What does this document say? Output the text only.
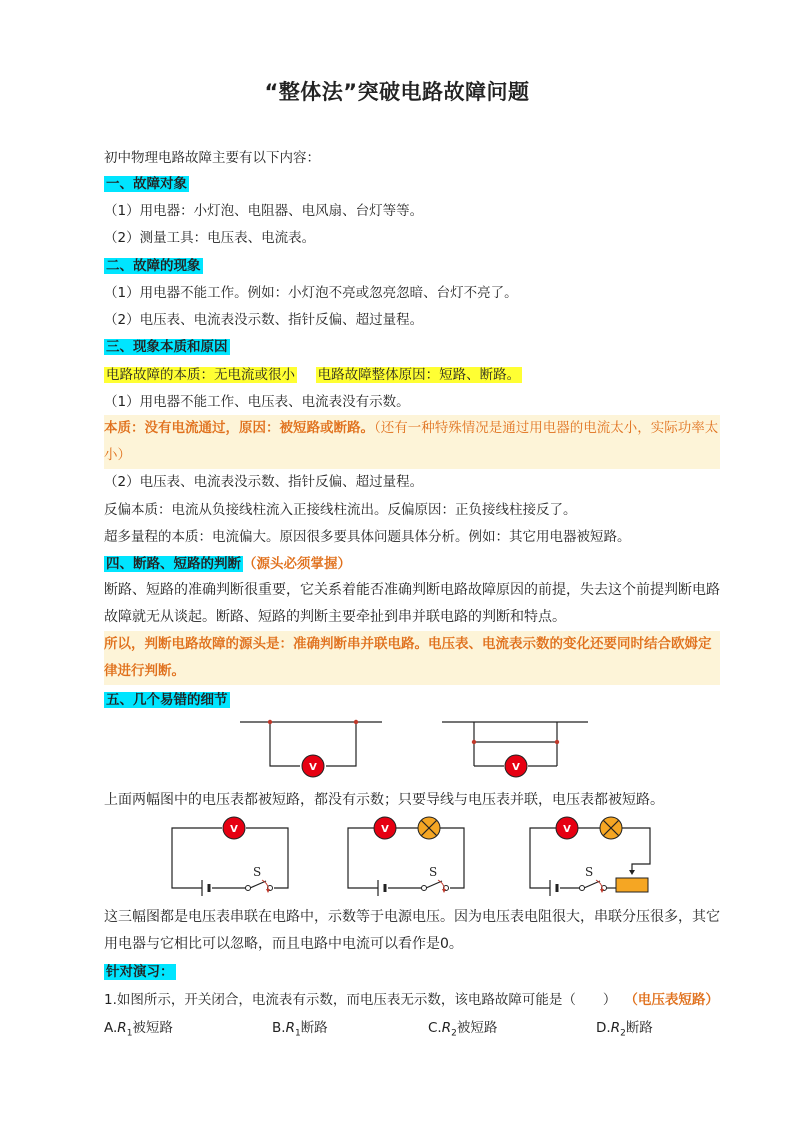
“整体法”突破电路故障问题
初中物理电路故障主要有以下内容：
一、故障对象
（1）用电器：小灯泡、电阻器、电风扇、台灯等等。
（2）测量工具：电压表、电流表。
二、故障的现象
（1）用电器不能工作。例如：小灯泡不亮或忽亮忽暗、台灯不亮了。
（2）电压表、电流表没示数、指针反偏、超过量程。
三、现象本质和原因
电路故障的本质：无电流或很小 电路故障整体原因：短路、断路。
（1）用电器不能工作、电压表、电流表没有示数。
本质：没有电流通过，原因：被短路或断路。（还有一种特殊情况是通过用电器的电流太小，实际功率太小）
（2）电压表、电流表没示数、指针反偏、超过量程。
反偏本质：电流从负接线柱流入正接线柱流出。反偏原因：正负接线柱接反了。
超多量程的本质：电流偏大。原因很多要具体问题具体分析。例如：其它用电器被短路。
四、断路、短路的判断 （源头必须掌握）
断路、短路的准确判断很重要，它关系着能否准确判断电路故障原因的前提，失去这个前提判断电路故障就无从谈起。断路、短路的判断主要牵扯到串并联电路的判断和特点。
所以，判断电路故障的源头是：准确判断串并联电路。电压表、电流表示数的变化还要同时结合欧姆定律进行判断。
五、几个易错的细节
V	V
上面两幅图中的电压表都被短路，都没有示数；只要导线与电压表并联，电压表都被短路。
S
V
S
V
S
V
这三幅图都是电压表串联在电路中，示数等于电源电压。因为电压表电阻很大，串联分压很多，其它用电器与它相比可以忽略，而且电路中电流可以看作是0。
针对演习：
1.如图所示，开关闭合，电流表有示数，而电压表无示数，该电路故障可能是（　　） （电压表短路）
$A.R_1$被短路	$B.R_1$断路	$C.R_2$被短路	$D.R_2$断路
